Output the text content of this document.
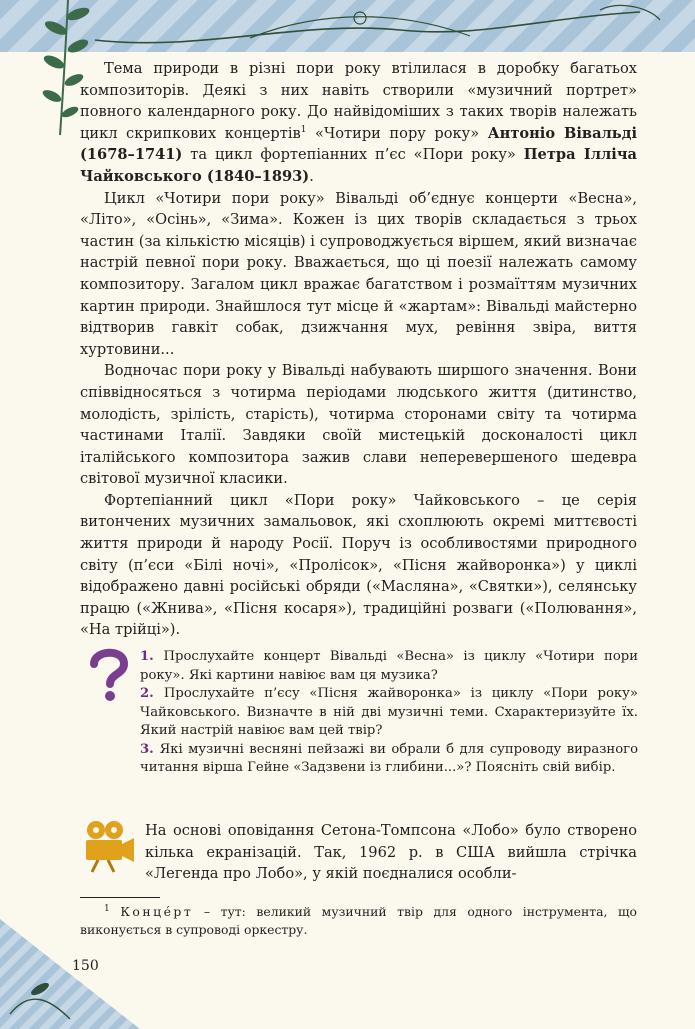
Тема природи в різні пори року втілилася в доробку багатьох композиторів. Деякі з них навіть створили «музичний портрет» повного календарного року. До найвідоміших з таких творів належать цикл скрипкових концертів$^1$ «Чотири пору року» Антоніо Вівальді (1678–1741) та цикл фортепіанних п’єс «Пори року» Петра Ілліча Чайковського (1840–1893).

Цикл «Чотири пори року» Вівальді об’єднує концерти «Весна», «Літо», «Осінь», «Зима». Кожен із цих творів складається з трьох частин (за кількістю місяців) і супроводжується віршем, який визначає настрій певної пори року. Вважається, що ці поезії належать самому композитору. Загалом цикл вражає багатством і розмаїттям музичних картин природи. Знайшлося тут місце й «жартам»: Вівальді майстерно відтворив гавкіт собак, дзижчання мух, ревіння звіра, виття хуртовини...

Водночас пори року у Вівальді набувають ширшого значення. Вони співвідносяться з чотирма періодами людського життя (дитинство, молодість, зрілість, старість), чотирма сторонами світу та чотирма частинами Італії. Завдяки своїй мистецькій досконалості цикл італійського композитора зажив слави неперевершеного шедевра світової музичної класики.

Фортепіанний цикл «Пори року» Чайковського – це серія витончених музичних замальовок, які схоплюють окремі миттєвості життя природи й народу Росії. Поруч із особливостями природного світу (п’єси «Білі ночі», «Пролісок», «Пісня жайворонка») у циклі відображено давні російські обряди («Масляна», «Святки»), селянську працю («Жнива», «Пісня косаря»), традиційні розваги («Полювання», «На трійці»).

1. Прослухайте концерт Вівальді «Весна» із циклу «Чотири пори року». Які картини навіює вам ця музика?

2. Прослухайте п’єсу «Пісня жайворонка» із циклу «Пори року» Чайковського. Визначте в ній дві музичні теми. Схарактеризуйте їх. Який настрій навіює вам цей твір?

3. Які музичні весняні пейзажі ви обрали б для супроводу виразного читання вірша Гейне «Задзвени із глибини...»? Поясніть свій вибір.

На основі оповідання Сетона-Томпсона «Лобо» було створено кілька екранізацій. Так, 1962 р. в США вийшла стрічка «Легенда про Лобо», у якій поєдналися особли-

$^1$ Концéрт – тут: великий музичний твір для одного інструмента, що виконується в супроводі оркестру.

150
